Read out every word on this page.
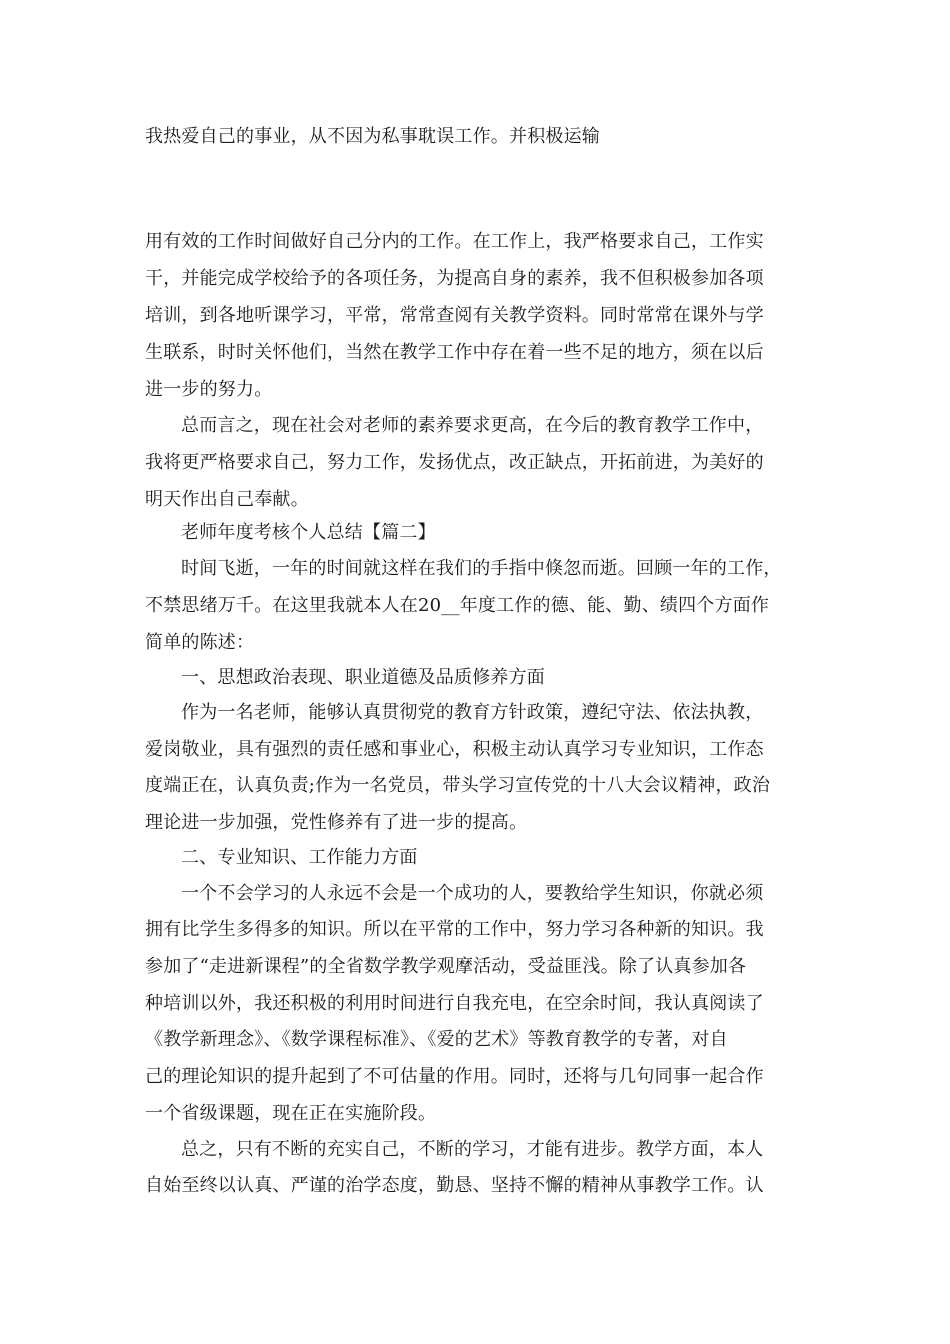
我热爱自己的事业，从不因为私事耽误工作。并积极运输
用有效的工作时间做好自己分内的工作。在工作上，我严格要求自己，工作实
干，并能完成学校给予的各项任务，为提高自身的素养，我不但积极参加各项
培训，到各地听课学习，平常，常常查阅有关教学资料。同时常常在课外与学
生联系，时时关怀他们，当然在教学工作中存在着一些不足的地方，须在以后
进一步的努力。
总而言之，现在社会对老师的素养要求更高，在今后的教育教学工作中，
我将更严格要求自己，努力工作，发扬优点，改正缺点，开拓前进，为美好的
明天作出自己奉献。
老师年度考核个人总结【篇二】
时间飞逝，一年的时间就这样在我们的手指中倏忽而逝。回顾一年的工作，
不禁思绪万千。在这里我就本人在20__年度工作的德、能、勤、绩四个方面作
简单的陈述：
一、思想政治表现、职业道德及品质修养方面
作为一名老师，能够认真贯彻党的教育方针政策，遵纪守法、依法执教，
爱岗敬业，具有强烈的责任感和事业心，积极主动认真学习专业知识，工作态
度端正在，认真负责;作为一名党员，带头学习宣传党的十八大会议精神，政治
理论进一步加强，党性修养有了进一步的提高。
二、专业知识、工作能力方面
一个不会学习的人永远不会是一个成功的人，要教给学生知识，你就必须
拥有比学生多得多的知识。所以在平常的工作中，努力学习各种新的知识。我
参加了“走进新课程”的全省数学教学观摩活动，受益匪浅。除了认真参加各
种培训以外，我还积极的利用时间进行自我充电，在空余时间，我认真阅读了
《教学新理念》、《数学课程标准》、《爱的艺术》等教育教学的专著，对自
己的理论知识的提升起到了不可估量的作用。同时，还将与几句同事一起合作
一个省级课题，现在正在实施阶段。
总之，只有不断的充实自己，不断的学习，才能有进步。教学方面，本人
自始至终以认真、严谨的治学态度，勤恳、坚持不懈的精神从事教学工作。认
